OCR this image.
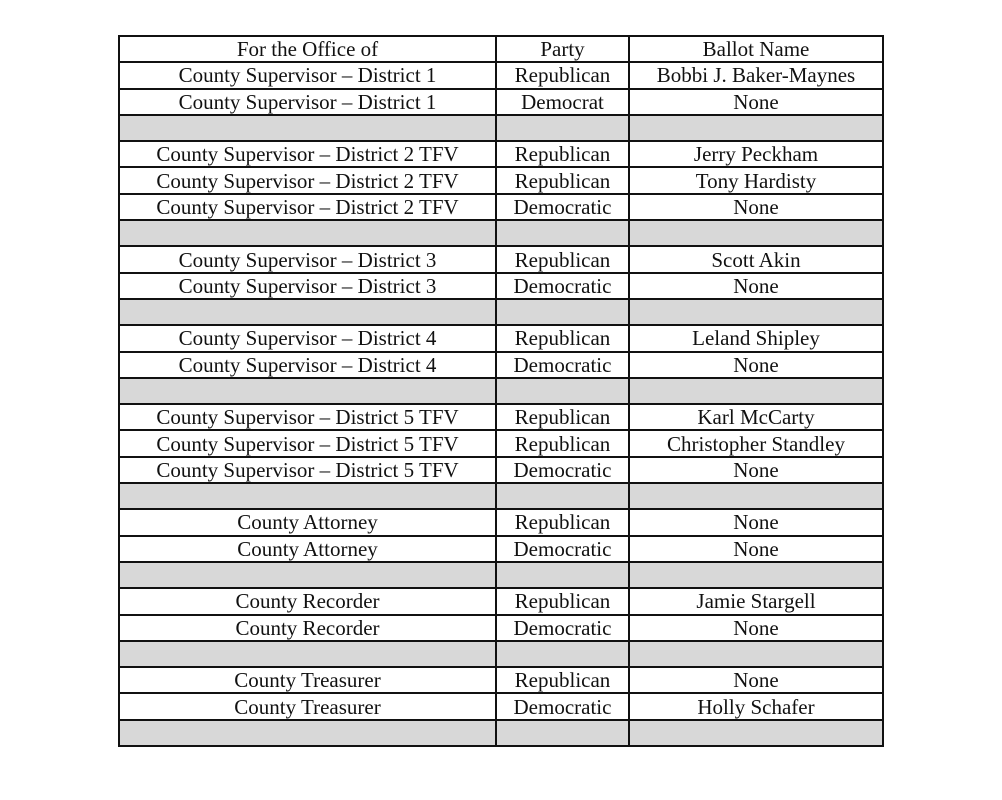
For the Office of	Party	Ballot Name
County Supervisor – District 1	Republican	Bobbi J. Baker-Maynes
County Supervisor – District 1	Democrat	None

County Supervisor – District 2 TFV	Republican	Jerry Peckham
County Supervisor – District 2 TFV	Republican	Tony Hardisty
County Supervisor – District 2 TFV	Democratic	None

County Supervisor – District 3	Republican	Scott Akin
County Supervisor – District 3	Democratic	None

County Supervisor – District 4	Republican	Leland Shipley
County Supervisor – District 4	Democratic	None

County Supervisor – District 5 TFV	Republican	Karl McCarty
County Supervisor – District 5 TFV	Republican	Christopher Standley
County Supervisor – District 5 TFV	Democratic	None

County Attorney	Republican	None
County Attorney	Democratic	None

County Recorder	Republican	Jamie Stargell
County Recorder	Democratic	None

County Treasurer	Republican	None
County Treasurer	Democratic	Holly Schafer
